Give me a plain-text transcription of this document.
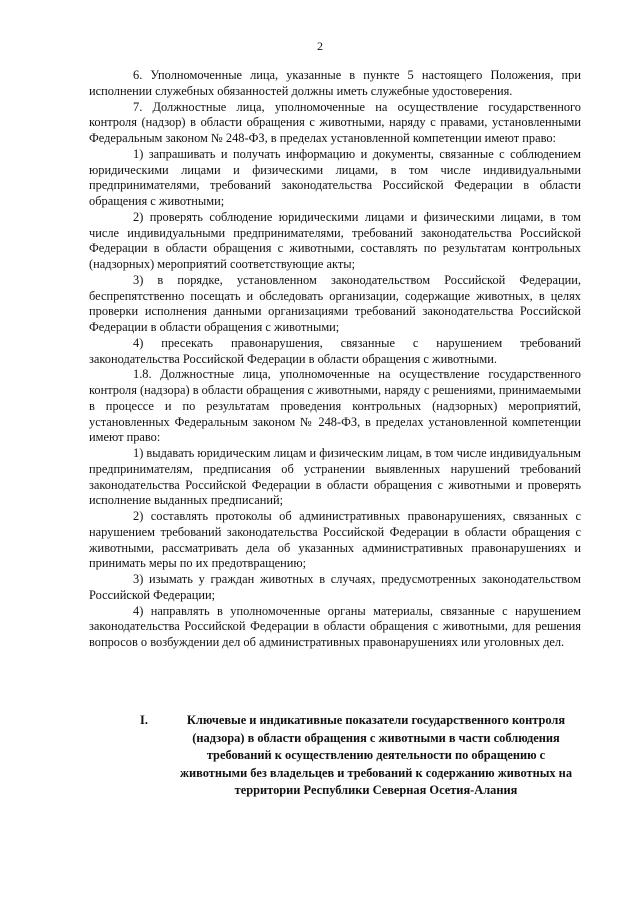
2

6. Уполномоченные лица, указанные в пункте 5 настоящего Положения, при исполнении служебных обязанностей должны иметь служебные удостоверения.

7. Должностные лица, уполномоченные на осуществление государственного контроля (надзор) в области обращения с животными, наряду с правами, установленными Федеральным законом № 248-ФЗ, в пределах установленной компетенции имеют право:

1) запрашивать и получать информацию и документы, связанные с соблюдением юридическими лицами и физическими лицами, в том числе индивидуальными предпринимателями, требований законодательства Российской Федерации в области обращения с животными;

2) проверять соблюдение юридическими лицами и физическими лицами, в том числе индивидуальными предпринимателями, требований законодательства Российской Федерации в области обращения с животными, составлять по результатам контрольных (надзорных) мероприятий соответствующие акты;

3) в порядке, установленном законодательством Российской Федерации, беспрепятственно посещать и обследовать организации, содержащие животных, в целях проверки исполнения данными организациями требований законодательства Российской Федерации в области обращения с животными;

4) пресекать правонарушения, связанные с нарушением требований законодательства Российской Федерации в области обращения с животными.

1.8. Должностные лица, уполномоченные на осуществление государственного контроля (надзора) в области обращения с животными, наряду с решениями, принимаемыми в процессе и по результатам проведения контрольных (надзорных) мероприятий, установленных Федеральным законом № 248-ФЗ, в пределах установленной компетенции имеют право:

1) выдавать юридическим лицам и физическим лицам, в том числе индивидуальным предпринимателям, предписания об устранении выявленных нарушений требований законодательства Российской Федерации в области обращения с животными и проверять исполнение выданных предписаний;

2) составлять протоколы об административных правонарушениях, связанных с нарушением требований законодательства Российской Федерации в области обращения с животными, рассматривать дела об указанных административных правонарушениях и принимать меры по их предотвращению;

3) изымать у граждан животных в случаях, предусмотренных законодательством Российской Федерации;

4) направлять в уполномоченные органы материалы, связанные с нарушением законодательства Российской Федерации в области обращения с животными, для решения вопросов о возбуждении дел об административных правонарушениях или уголовных дел.

I.	Ключевые и индикативные показатели государственного контроля (надзора) в области обращения с животными в части соблюдения требований к осуществлению деятельности по обращению с животными без владельцев и требований к содержанию животных на территории Республики Северная Осетия-Алания
